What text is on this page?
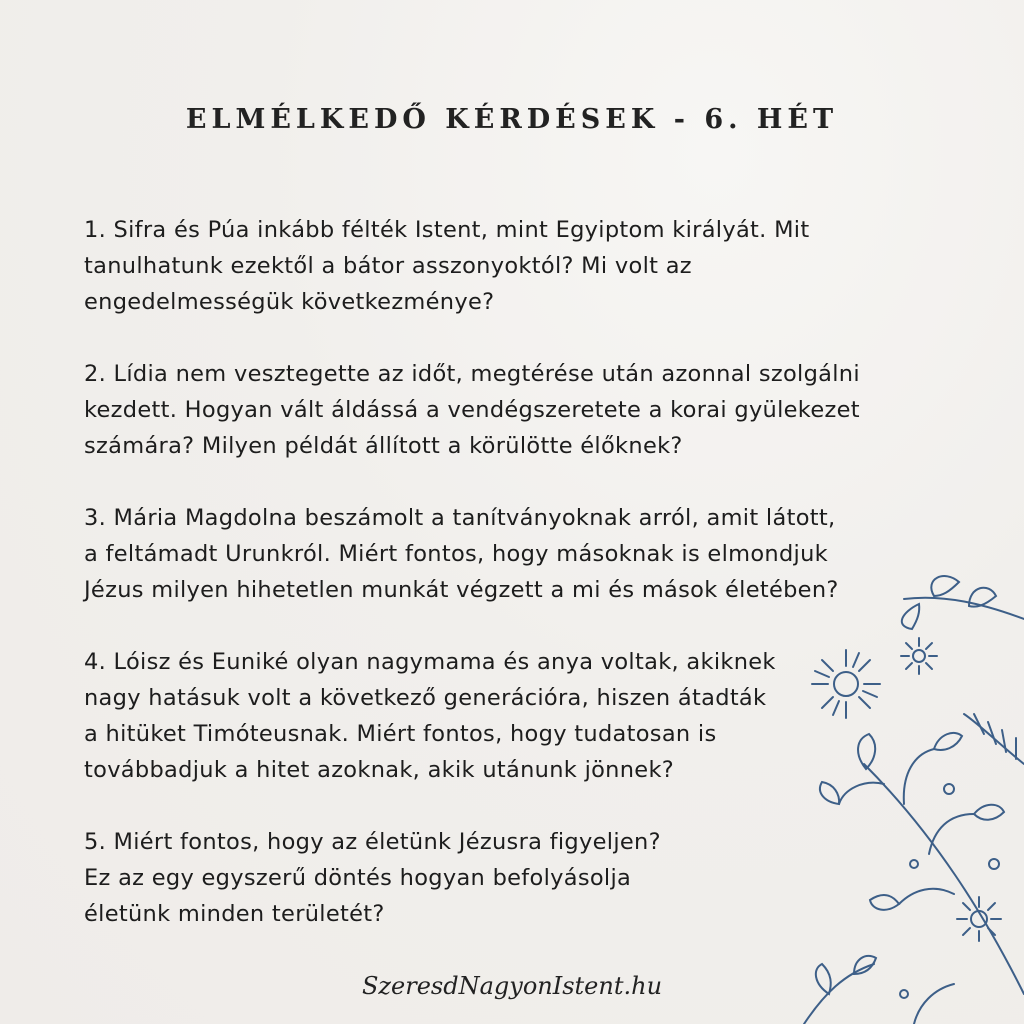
ELMÉLKEDŐ KÉRDÉSEK - 6. HÉT
1. Sifra és Púa inkább félték Istent, mint Egyiptom királyát. Mit
tanulhatunk ezektől a bátor asszonyoktól? Mi volt az
engedelmességük következménye?
2. Lídia nem vesztegette az időt, megtérése után azonnal szolgálni
kezdett. Hogyan vált áldássá a vendégszeretete a korai gyülekezet
számára? Milyen példát állított a körülötte élőknek?
3. Mária Magdolna beszámolt a tanítványoknak arról, amit látott,
a feltámadt Urunkról. Miért fontos, hogy másoknak is elmondjuk
Jézus milyen hihetetlen munkát végzett a mi és mások életében?
4. Lóisz és Euniké olyan nagymama és anya voltak, akiknek
nagy hatásuk volt a következő generációra, hiszen átadták
a hitüket Timóteusnak. Miért fontos, hogy tudatosan is
továbbadjuk a hitet azoknak, akik utánunk jönnek?
5. Miért fontos, hogy az életünk Jézusra figyeljen?
Ez az egy egyszerű döntés hogyan befolyásolja
életünk minden területét?
SzeresdNagyonIstent.hu
